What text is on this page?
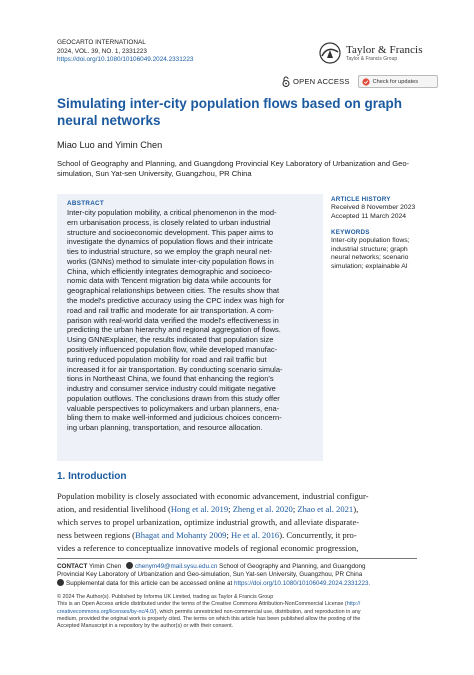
GEOCARTO INTERNATIONAL
2024, VOL. 39, NO. 1, 2331223
https://doi.org/10.1080/10106049.2024.2331223
Taylor & Francis
Taylor & Francis Group
OPEN ACCESS	Check for updates
Simulating inter-city population flows based on graph neural networks
Miao Luo and Yimin Chen
School of Geography and Planning, and Guangdong Provincial Key Laboratory of Urbanization and Geo-simulation, Sun Yat-sen University, Guangzhou, PR China
ABSTRACT
Inter-city population mobility, a critical phenomenon in the mod-
ern urbanisation process, is closely related to urban industrial
structure and socioeconomic development. This paper aims to
investigate the dynamics of population flows and their intricate
ties to industrial structure, so we employ the graph neural net-
works (GNNs) method to simulate inter-city population flows in
China, which efficiently integrates demographic and socioeco-
nomic data with Tencent migration big data while accounts for
geographical relationships between cities. The results show that
the model's predictive accuracy using the CPC index was high for
road and rail traffic and moderate for air transportation. A com-
parison with real-world data verified the model's effectiveness in
predicting the urban hierarchy and regional aggregation of flows.
Using GNNExplainer, the results indicated that population size
positively influenced population flow, while developed manufac-
turing reduced population mobility for road and rail traffic but
increased it for air transportation. By conducting scenario simula-
tions in Northeast China, we found that enhancing the region's
industry and consumer service industry could mitigate negative
population outflows. The conclusions drawn from this study offer
valuable perspectives to policymakers and urban planners, ena-
bling them to make well-informed and judicious choices concern-
ing urban planning, transportation, and resource allocation.
ARTICLE HISTORY
Received 8 November 2023
Accepted 11 March 2024
KEYWORDS
Inter-city population flows;
industrial structure; graph
neural networks; scenario
simulation; explainable AI
1. Introduction
Population mobility is closely associated with economic advancement, industrial configur-
ation, and residential livelihood (Hong et al. 2019; Zheng et al. 2020; Zhao et al. 2021),
which serves to propel urbanization, optimize industrial growth, and alleviate disparate-
ness between regions (Bhagat and Mohanty 2009; He et al. 2016). Concurrently, it pro-
vides a reference to conceptualize innovative models of regional economic progression,
CONTACT Yimin Chen chenym49@mail.sysu.edu.cn School of Geography and Planning, and Guangdong
Provincial Key Laboratory of Urbanization and Geo-simulation, Sun Yat-sen University, Guangzhou, PR China
Supplemental data for this article can be accessed online at https://doi.org/10.1080/10106049.2024.2331223.
© 2024 The Author(s). Published by Informa UK Limited, trading as Taylor & Francis Group
This is an Open Access article distributed under the terms of the Creative Commons Attribution-NonCommercial License (http://
creativecommons.org/licenses/by-nc/4.0/), which permits unrestricted non-commercial use, distribution, and reproduction in any
medium, provided the original work is properly cited. The terms on which this article has been published allow the posting of the
Accepted Manuscript in a repository by the author(s) or with their consent.
